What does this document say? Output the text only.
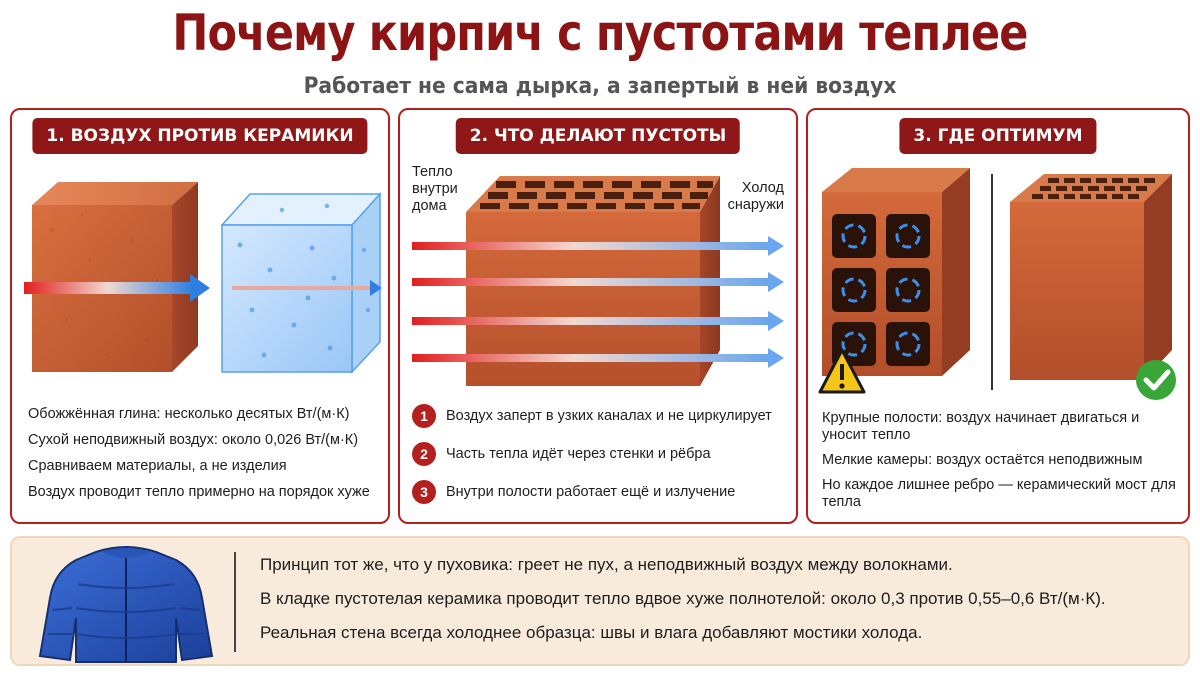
Почему кирпич с пустотами теплее
Работает не сама дырка, а запертый в ней воздух
1. ВОЗДУХ ПРОТИВ КЕРАМИКИ
Обожжённая глина: несколько десятых Вт/(м·К)
Сухой неподвижный воздух: около 0,026 Вт/(м·К)
Сравниваем материалы, а не изделия
Воздух проводит тепло примерно на порядок хуже
2. ЧТО ДЕЛАЮТ ПУСТОТЫ
Тепло внутри дома
Холод снаружи
1	Воздух заперт в узких каналах и не циркулирует
2	Часть тепла идёт через стенки и рёбра
3	Внутри полости работает ещё и излучение
3. ГДЕ ОПТИМУМ
Крупные полости: воздух начинает двигаться и уносит тепло
Мелкие камеры: воздух остаётся неподвижным
Но каждое лишнее ребро — керамический мост для тепла
Принцип тот же, что у пуховика: греет не пух, а неподвижный воздух между волокнами.
В кладке пустотелая керамика проводит тепло вдвое хуже полнотелой: около 0,3 против 0,55–0,6 Вт/(м·К).
Реальная стена всегда холоднее образца: швы и влага добавляют мостики холода.
